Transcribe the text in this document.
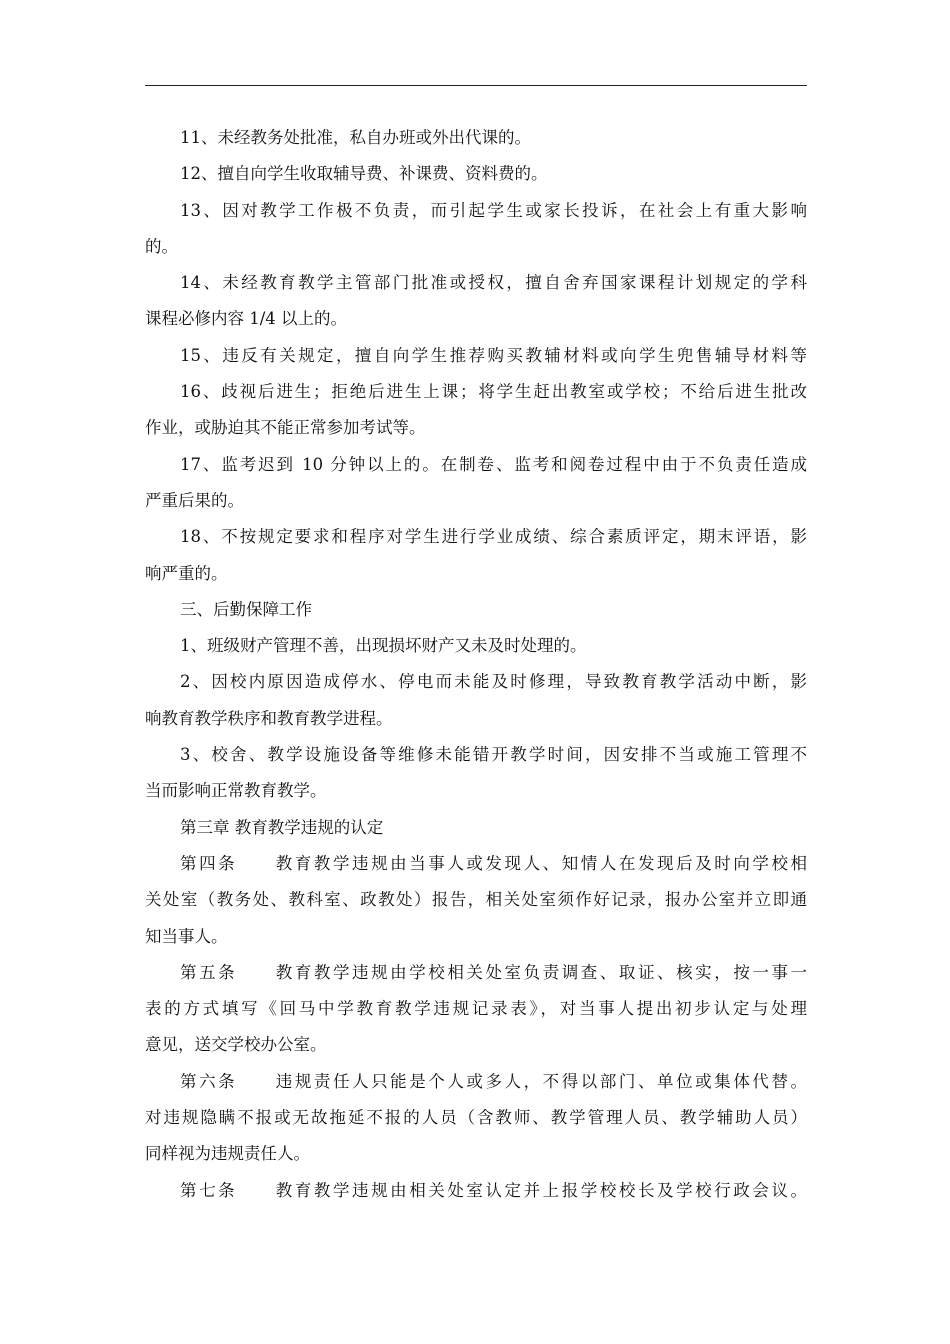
11、未经教务处批准，私自办班或外出代课的。
12、擅自向学生收取辅导费、补课费、资料费的。
13、因对教学工作极不负责，而引起学生或家长投诉，在社会上有重大影响
的。
14、未经教育教学主管部门批准或授权，擅自舍弃国家课程计划规定的学科
课程必修内容 1/4 以上的。
15、违反有关规定，擅自向学生推荐购买教辅材料或向学生兜售辅导材料等
16、歧视后进生；拒绝后进生上课；将学生赶出教室或学校；不给后进生批改
作业，或胁迫其不能正常参加考试等。
17、监考迟到 10 分钟以上的。在制卷、监考和阅卷过程中由于不负责任造成
严重后果的。
18、不按规定要求和程序对学生进行学业成绩、综合素质评定，期末评语，影
响严重的。
三、后勤保障工作
1、班级财产管理不善，出现损坏财产又未及时处理的。
2、因校内原因造成停水、停电而未能及时修理，导致教育教学活动中断，影
响教育教学秩序和教育教学进程。
3、校舍、教学设施设备等维修未能错开教学时间，因安排不当或施工管理不
当而影响正常教育教学。
第三章 教育教学违规的认定
第四条 教育教学违规由当事人或发现人、知情人在发现后及时向学校相
关处室（教务处、教科室、政教处）报告，相关处室须作好记录，报办公室并立即通
知当事人。
第五条 教育教学违规由学校相关处室负责调查、取证、核实，按一事一
表的方式填写《回马中学教育教学违规记录表》，对当事人提出初步认定与处理
意见，送交学校办公室。
第六条 违规责任人只能是个人或多人，不得以部门、单位或集体代替。
对违规隐瞒不报或无故拖延不报的人员（含教师、教学管理人员、教学辅助人员）
同样视为违规责任人。
第七条 教育教学违规由相关处室认定并上报学校校长及学校行政会议。
